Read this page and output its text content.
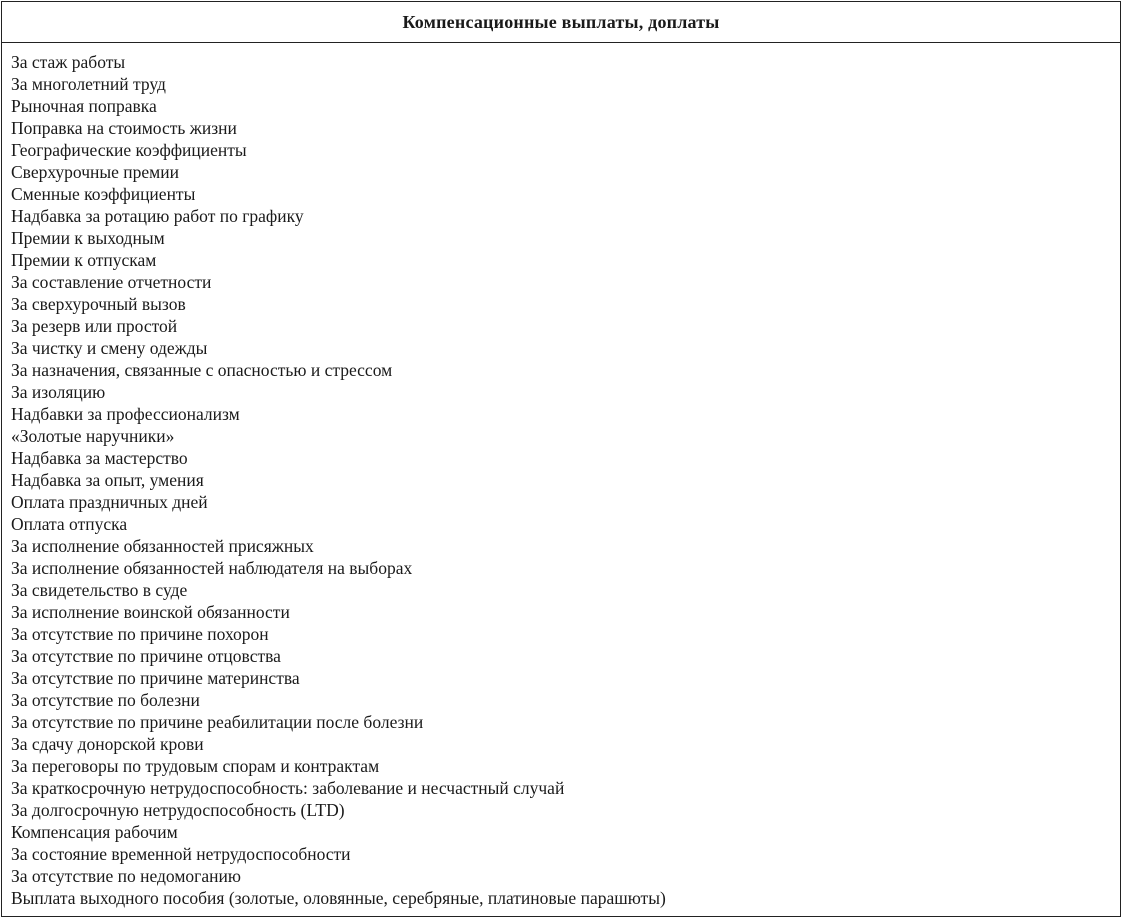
Компенсационные выплаты, доплаты
За стаж работы
За многолетний труд
Рыночная поправка
Поправка на стоимость жизни
Географические коэффициенты
Сверхурочные премии
Сменные коэффициенты
Надбавка за ротацию работ по графику
Премии к выходным
Премии к отпускам
За составление отчетности
За сверхурочный вызов
За резерв или простой
За чистку и смену одежды
За назначения, связанные с опасностью и стрессом
За изоляцию
Надбавки за профессионализм
«Золотые наручники»
Надбавка за мастерство
Надбавка за опыт, умения
Оплата праздничных дней
Оплата отпуска
За исполнение обязанностей присяжных
За исполнение обязанностей наблюдателя на выборах
За свидетельство в суде
За исполнение воинской обязанности
За отсутствие по причине похорон
За отсутствие по причине отцовства
За отсутствие по причине материнства
За отсутствие по болезни
За отсутствие по причине реабилитации после болезни
За сдачу донорской крови
За переговоры по трудовым спорам и контрактам
За краткосрочную нетрудоспособность: заболевание и несчастный случай
За долгосрочную нетрудоспособность (LTD)
Компенсация рабочим
За состояние временной нетрудоспособности
За отсутствие по недомоганию
Выплата выходного пособия (золотые, оловянные, серебряные, платиновые парашюты)
